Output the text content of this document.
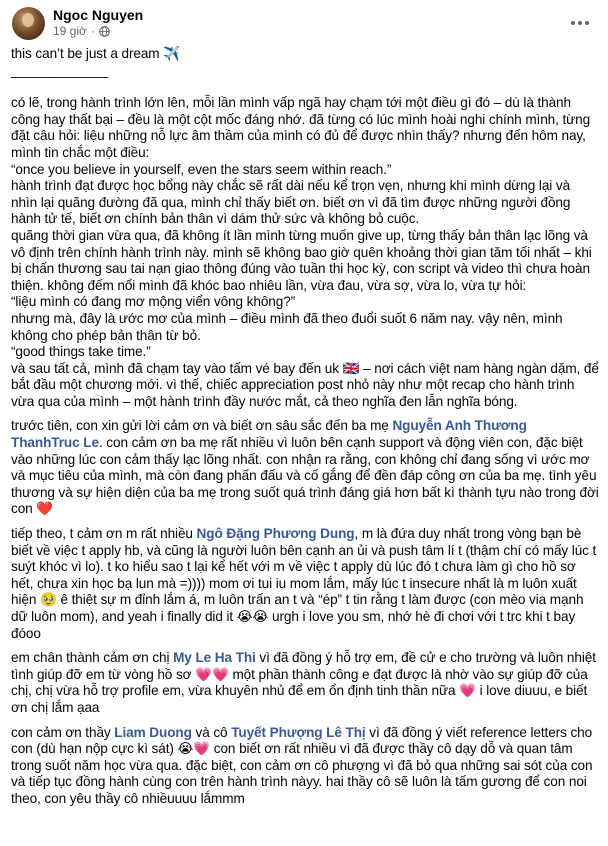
Ngoc Nguyen
19 giờ ·

this can’t be just a dream ✈️

_____________

có lẽ, trong hành trình lớn lên, mỗi lần mình vấp ngã hay chạm tới một điều gì đó – dù là thành công hay thất bại – đều là một cột mốc đáng nhớ. đã từng có lúc mình hoài nghi chính mình, từng đặt câu hỏi: liệu những nỗ lực âm thầm của mình có đủ để được nhìn thấy? nhưng đến hôm nay, mình tin chắc một điều:

“once you believe in yourself, even the stars seem within reach.”

hành trình đạt được học bổng này chắc sẽ rất dài nếu kể trọn vẹn, nhưng khi mình dừng lại và nhìn lại quãng đường đã qua, mình chỉ thấy biết ơn. biết ơn vì đã tìm được những người đồng hành tử tế, biết ơn chính bản thân vì dám thử sức và không bỏ cuộc.

quãng thời gian vừa qua, đã không ít lần mình từng muốn give up, từng thấy bản thân lạc lõng và vô định trên chính hành trình này. mình sẽ không bao giờ quên khoảng thời gian tăm tối nhất – khi bị chấn thương sau tai nạn giao thông đúng vào tuần thi học kỳ, con script và video thì chưa hoàn thiện. không đếm nổi mình đã khóc bao nhiêu lần, vừa đau, vừa sợ, vừa lo, vừa tự hỏi:

“liệu mình có đang mơ mộng viển vông không?”

nhưng mà, đây là ước mơ của mình – điều mình đã theo đuổi suốt 6 năm nay. vậy nên, mình không cho phép bản thân từ bỏ.

“good things take time.”

và sau tất cả, mình đã chạm tay vào tấm vé bay đến uk 🇬🇧 – nơi cách việt nam hàng ngàn dặm, để bắt đầu một chương mới. vì thế, chiếc appreciation post nhỏ này như một recap cho hành trình vừa qua của mình – một hành trình đầy nước mắt, cả theo nghĩa đen lẫn nghĩa bóng.

trước tiên, con xin gửi lời cảm ơn và biết ơn sâu sắc đến ba mẹ Nguyễn Anh Thương ThanhTruc Le. con cảm ơn ba mẹ rất nhiều vì luôn bên cạnh support và động viên con, đặc biệt vào những lúc con cảm thấy lạc lõng nhất. con nhận ra rằng, con không chỉ đang sống vì ước mơ và mục tiêu của mình, mà còn đang phấn đấu và cố gắng để đền đáp công ơn của ba mẹ. tình yêu thương và sự hiện diện của ba mẹ trong suốt quá trình đáng giá hơn bất kì thành tựu nào trong đời con ❤️

tiếp theo, t cảm ơn m rất nhiều Ngô Đặng Phương Dung, m là đứa duy nhất trong vòng bạn bè biết về việc t apply hb, và cũng là người luôn bên cạnh an ủi và push tâm lí t (thậm chí có mấy lúc t suýt khóc vì lo). t ko hiểu sao t lại kể hết với m về việc t apply dù lúc đó t chưa làm gì cho hồ sơ hết, chưa xin học bạ lun mà =)))) mom ơi tui iu mom lắm, mấy lúc t insecure nhất là m luôn xuất hiện 🥹 ê thiệt sự m đỉnh lắm á, m luôn trấn an t và “ép” t tin rằng t làm được (con mèo via mạnh dữ luôn mom), and yeah i finally did it 😭😭 urgh i love you sm, nhớ hè đi chơi với t trc khi t bay đóoo

em chân thành cảm ơn chị My Le Ha Thi vì đã đồng ý hỗ trợ em, đề cử e cho trường và luôn nhiệt tình giúp đỡ em từ vòng hồ sơ 💗💗 một phần thành công e đạt được là nhờ vào sự giúp đỡ của chị, chị vừa hỗ trợ profile em, vừa khuyên nhủ để em ổn định tinh thần nữa 💗 i love diuuu, e biết ơn chị lắm ạaa

con cảm ơn thầy Liam Duong và cô Tuyết Phượng Lê Thị vì đã đồng ý viết reference letters cho con (dù hạn nộp cực kì sát) 😭💗 con biết ơn rất nhiều vì đã được thầy cô dạy dỗ và quan tâm trong suốt năm học vừa qua. đặc biệt, con cảm ơn cô phượng vì đã bỏ qua những sai sót của con và tiếp tục đồng hành cùng con trên hành trình nàyy. hai thầy cô sẽ luôn là tấm gương để con noi theo, con yêu thầy cô nhiềuuuu lắmmm
